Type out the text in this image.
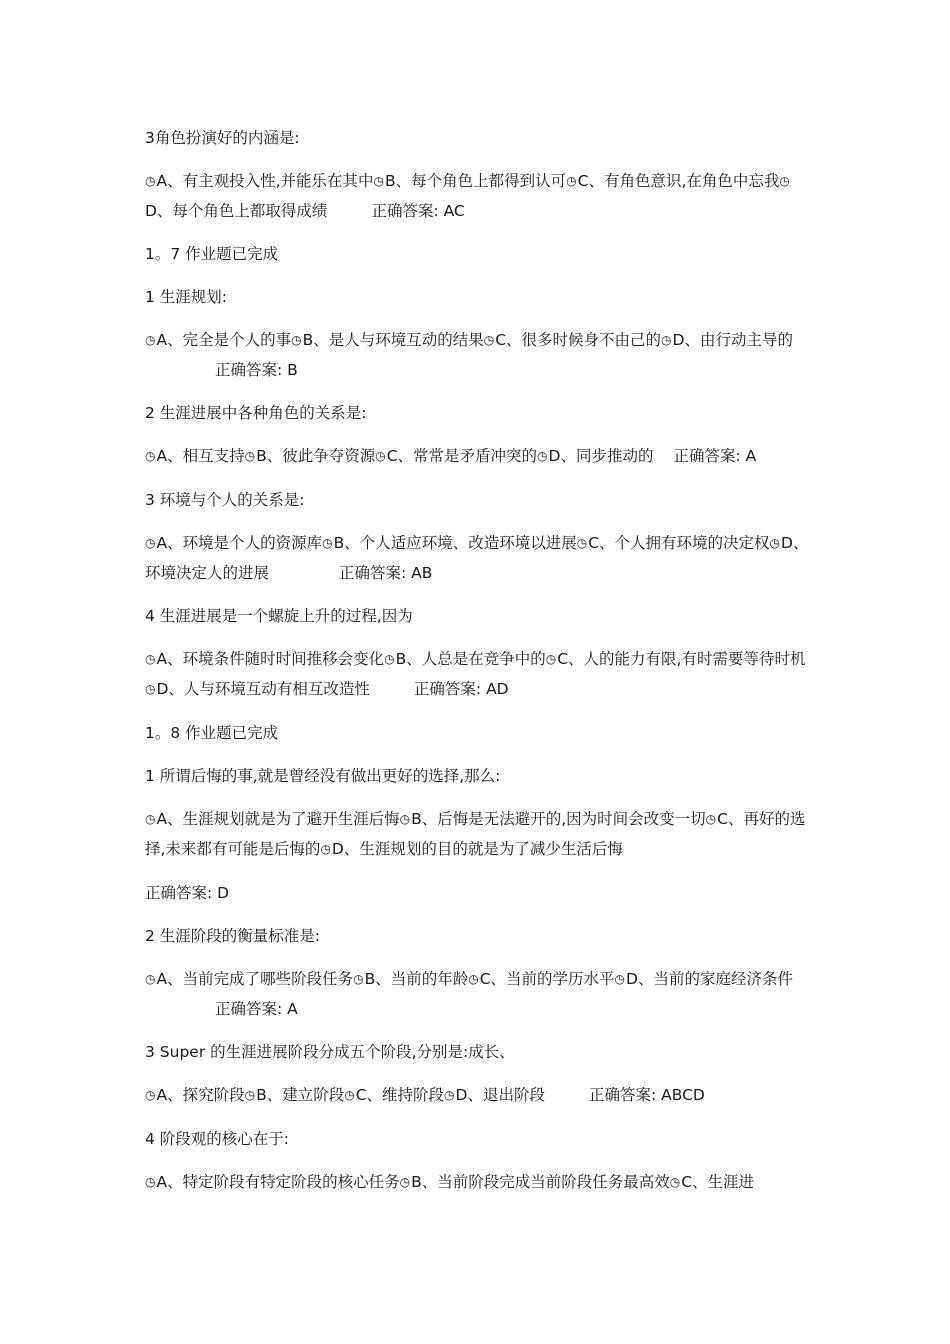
3角色扮演好的内涵是:

◷A、有主观投入性,并能乐在其中◷B、每个角色上都得到认可◷C、有角色意识,在角色中忘我◷D、每个角色上都取得成绩	正确答案: AC

1。7 作业题已完成

1 生涯规划:

◷A、完全是个人的事◷B、是人与环境互动的结果◷C、很多时候身不由己的◷D、由行动主导的正确答案: B

2 生涯进展中各种角色的关系是:

◷A、相互支持◷B、彼此争夺资源◷C、常常是矛盾冲突的◷D、同步推动的 正确答案: A

3 环境与个人的关系是:

◷A、环境是个人的资源库◷B、个人适应环境、改造环境以进展◷C、个人拥有环境的决定权◷D、环境决定人的进展	正确答案: AB

4 生涯进展是一个螺旋上升的过程,因为

◷A、环境条件随时时间推移会变化◷B、人总是在竞争中的◷C、人的能力有限,有时需要等待时机◷D、人与环境互动有相互改造性	正确答案: AD

1。8 作业题已完成

1 所谓后悔的事,就是曾经没有做出更好的选择,那么:

◷A、生涯规划就是为了避开生涯后悔◷B、后悔是无法避开的,因为时间会改变一切◷C、再好的选择,未来都有可能是后悔的◷D、生涯规划的目的就是为了减少生活后悔

正确答案: D

2 生涯阶段的衡量标准是:

◷A、当前完成了哪些阶段任务◷B、当前的年龄◷C、当前的学历水平◷D、当前的家庭经济条件正确答案: A

3 Super 的生涯进展阶段分成五个阶段,分别是:成长、

◷A、探究阶段◷B、建立阶段◷C、维持阶段◷D、退出阶段	正确答案: ABCD

4 阶段观的核心在于:

◷A、特定阶段有特定阶段的核心任务◷B、当前阶段完成当前阶段任务最高效◷C、生涯进
